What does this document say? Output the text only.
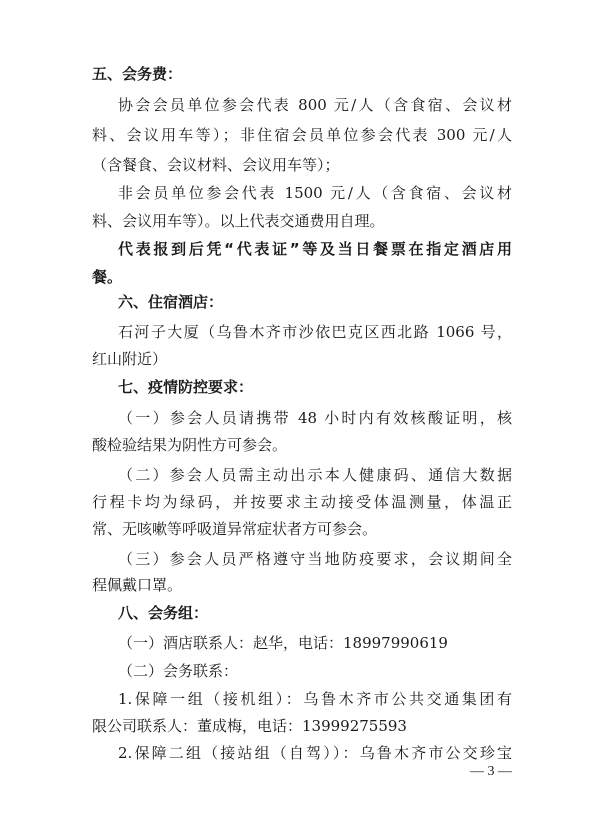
五、会务费：
协会会员单位参会代表 800 元/人（含食宿、会议材
料、会议用车等）；非住宿会员单位参会代表 300 元/人
（含餐食、会议材料、会议用车等）；
非会员单位参会代表 1500 元/人（含食宿、会议材
料、会议用车等）。以上代表交通费用自理。
代表报到后凭“代表证”等及当日餐票在指定酒店用
餐。
六、住宿酒店：
石河子大厦（乌鲁木齐市沙依巴克区西北路 1066 号，
红山附近）
七、疫情防控要求：
（一）参会人员请携带 48 小时内有效核酸证明，核
酸检验结果为阴性方可参会。
（二）参会人员需主动出示本人健康码、通信大数据
行程卡均为绿码，并按要求主动接受体温测量，体温正
常、无咳嗽等呼吸道异常症状者方可参会。
（三）参会人员严格遵守当地防疫要求，会议期间全
程佩戴口罩。
八、会务组：
（一）酒店联系人：赵华，电话：18997990619
（二）会务联系：
1.保障一组（接机组）：乌鲁木齐市公共交通集团有
限公司联系人：董成梅，电话：13999275593
2.保障二组（接站组（自驾））：乌鲁木齐市公交珍宝
— 3 —
